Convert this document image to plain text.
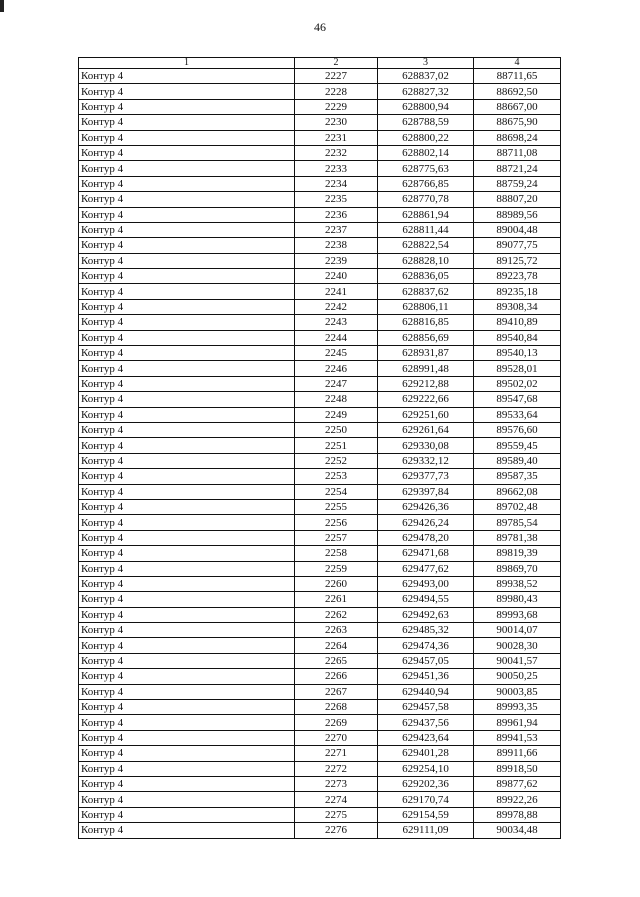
46
1	2	3	4
Контур 4	2227	628837,02	88711,65
Контур 4	2228	628827,32	88692,50
Контур 4	2229	628800,94	88667,00
Контур 4	2230	628788,59	88675,90
Контур 4	2231	628800,22	88698,24
Контур 4	2232	628802,14	88711,08
Контур 4	2233	628775,63	88721,24
Контур 4	2234	628766,85	88759,24
Контур 4	2235	628770,78	88807,20
Контур 4	2236	628861,94	88989,56
Контур 4	2237	628811,44	89004,48
Контур 4	2238	628822,54	89077,75
Контур 4	2239	628828,10	89125,72
Контур 4	2240	628836,05	89223,78
Контур 4	2241	628837,62	89235,18
Контур 4	2242	628806,11	89308,34
Контур 4	2243	628816,85	89410,89
Контур 4	2244	628856,69	89540,84
Контур 4	2245	628931,87	89540,13
Контур 4	2246	628991,48	89528,01
Контур 4	2247	629212,88	89502,02
Контур 4	2248	629222,66	89547,68
Контур 4	2249	629251,60	89533,64
Контур 4	2250	629261,64	89576,60
Контур 4	2251	629330,08	89559,45
Контур 4	2252	629332,12	89589,40
Контур 4	2253	629377,73	89587,35
Контур 4	2254	629397,84	89662,08
Контур 4	2255	629426,36	89702,48
Контур 4	2256	629426,24	89785,54
Контур 4	2257	629478,20	89781,38
Контур 4	2258	629471,68	89819,39
Контур 4	2259	629477,62	89869,70
Контур 4	2260	629493,00	89938,52
Контур 4	2261	629494,55	89980,43
Контур 4	2262	629492,63	89993,68
Контур 4	2263	629485,32	90014,07
Контур 4	2264	629474,36	90028,30
Контур 4	2265	629457,05	90041,57
Контур 4	2266	629451,36	90050,25
Контур 4	2267	629440,94	90003,85
Контур 4	2268	629457,58	89993,35
Контур 4	2269	629437,56	89961,94
Контур 4	2270	629423,64	89941,53
Контур 4	2271	629401,28	89911,66
Контур 4	2272	629254,10	89918,50
Контур 4	2273	629202,36	89877,62
Контур 4	2274	629170,74	89922,26
Контур 4	2275	629154,59	89978,88
Контур 4	2276	629111,09	90034,48
